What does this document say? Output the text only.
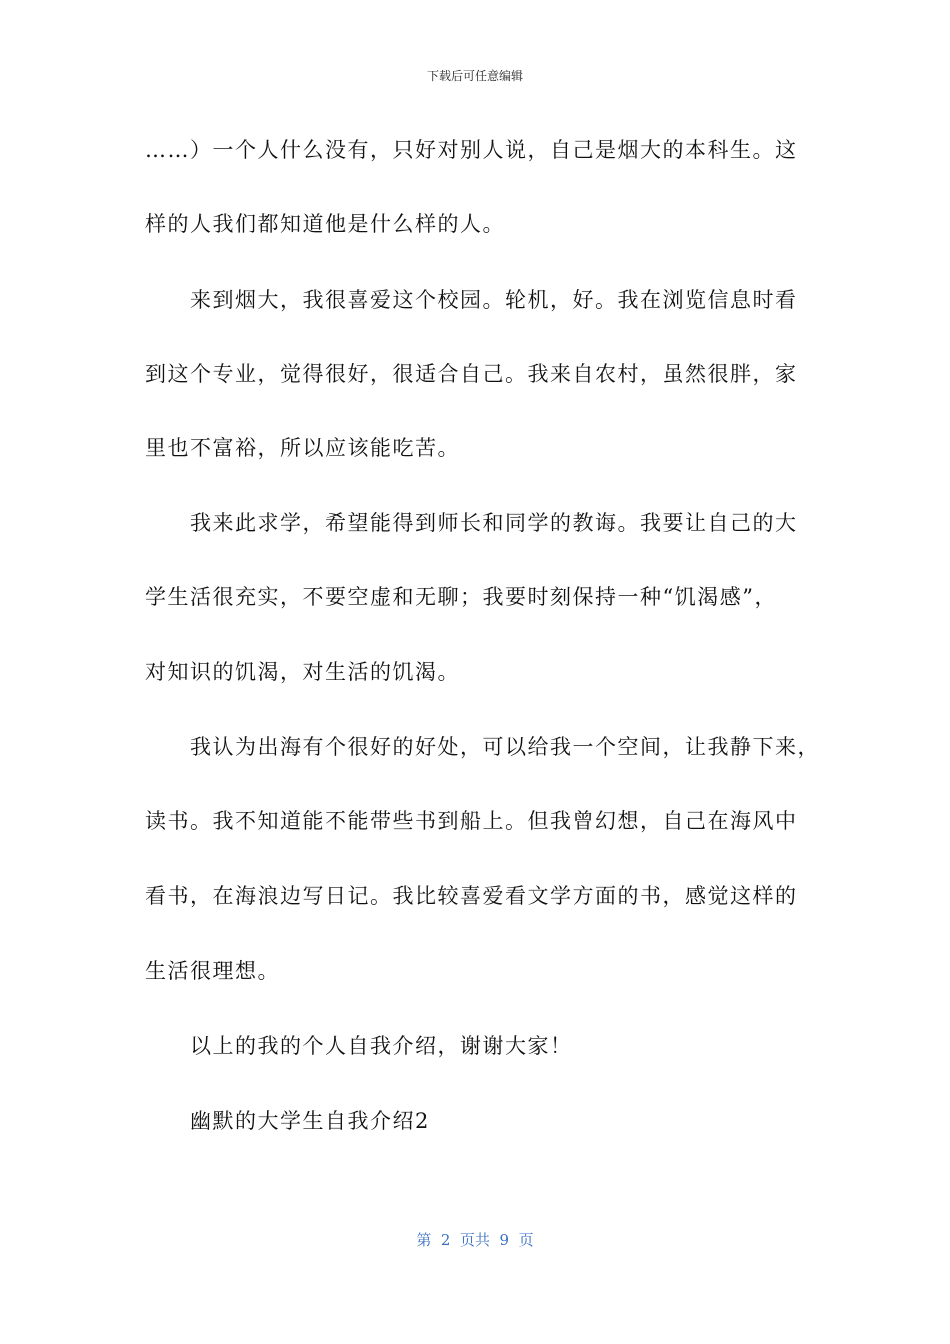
下载后可任意编辑
……）一个人什么没有，只好对别人说，自己是烟大的本科生。这
样的人我们都知道他是什么样的人。
来到烟大，我很喜爱这个校园。轮机，好。我在浏览信息时看
到这个专业，觉得很好，很适合自己。我来自农村，虽然很胖，家
里也不富裕，所以应该能吃苦。
我来此求学，希望能得到师长和同学的教诲。我要让自己的大
学生活很充实，不要空虚和无聊；我要时刻保持一种“饥渴感”，
对知识的饥渴，对生活的饥渴。
我认为出海有个很好的好处，可以给我一个空间，让我静下来，
读书。我不知道能不能带些书到船上。但我曾幻想，自己在海风中
看书，在海浪边写日记。我比较喜爱看文学方面的书，感觉这样的
生活很理想。
以上的我的个人自我介绍，谢谢大家！
幽默的大学生自我介绍2
第  2  页共  9  页
